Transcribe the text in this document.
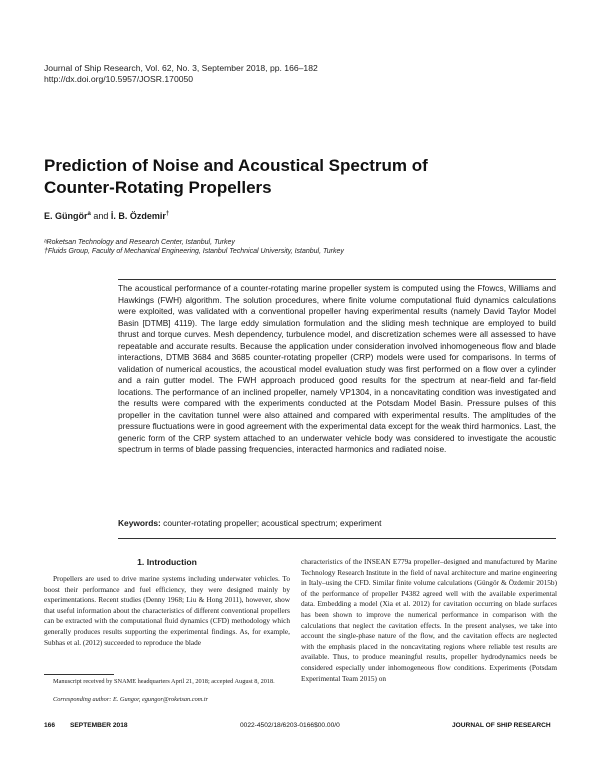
Journal of Ship Research, Vol. 62, No. 3, September 2018, pp. 166–182
http://dx.doi.org/10.5957/JOSR.170050
Prediction of Noise and Acoustical Spectrum of
Counter-Rotating Propellers
E. Güngör$^a$ and İ. B. Özdemir†
ᵃRoketsan Technology and Research Center, Istanbul, Turkey
†Fluids Group, Faculty of Mechanical Engineering, Istanbul Technical University, Istanbul, Turkey
The acoustical performance of a counter-rotating marine propeller system is computed using the Ffowcs, Williams and Hawkings (FWH) algorithm. The solution procedures, where finite volume computational fluid dynamics calculations were exploited, was validated with a conventional propeller having experimental results (namely David Taylor Model Basin [DTMB] 4119). The large eddy simulation formulation and the sliding mesh technique are employed to build thrust and torque curves. Mesh dependency, turbulence model, and discretization schemes were all assessed to have repeatable and accurate results. Because the application under consideration involved inhomogeneous flow and blade interactions, DTMB 3684 and 3685 counter-rotating propeller (CRP) models were used for comparisons. In terms of validation of numerical acoustics, the acoustical model evaluation study was first performed on a flow over a cylinder and a rain gutter model. The FWH approach produced good results for the spectrum at near-field and far-field locations. The performance of an inclined propeller, namely VP1304, in a noncavitating condition was investigated and the results were compared with the experiments conducted at the Potsdam Model Basin. Pressure pulses of this propeller in the cavitation tunnel were also attained and compared with experimental results. The amplitudes of the pressure fluctuations were in good agreement with the experimental data except for the weak third harmonics. Last, the generic form of the CRP system attached to an underwater vehicle body was considered to investigate the acoustic spectrum in terms of blade passing frequencies, interacted harmonics and radiated noise.
Keywords: counter-rotating propeller; acoustical spectrum; experiment
1. Introduction

Propellers are used to drive marine systems including underwater vehicles. To boost their performance and fuel efficiency, they were designed mainly by experimentations. Recent studies (Denny 1968; Liu & Hong 2011), however, show that useful information about the characteristics of different conventional propellers can be extracted with the computational fluid dynamics (CFD) methodology which generally produces results supporting the experimental findings. As, for example, Subhas et al. (2012) succeeded to reproduce the blade

characteristics of the INSEAN E779a propeller–designed and manufactured by Marine Technology Research Institute in the field of naval architecture and marine engineering in Italy–using the CFD. Similar finite volume calculations (Güngör & Özdemir 2015b) of the performance of propeller P4382 agreed well with the available experimental data. Embedding a model (Xia et al. 2012) for cavitation occurring on blade surfaces has been shown to improve the numerical performance in comparison with the calculations that neglect the cavitation effects. In the present analyses, we take into account the single-phase nature of the flow, and the cavitation effects are neglected with the emphasis placed in the noncavitating regions where reliable test results are available. Thus, to produce meaningful results, propeller hydrodynamics needs be considered especially under inhomogeneous flow conditions. Experiments (Potsdam Experimental Team 2015) on

Manuscript received by SNAME headquarters April 21, 2018; accepted August 8, 2018.
Corresponding author: E. Gungor, egungor@roketsan.com.tr
166 SEPTEMBER 2018	0022-4502/18/6203-0166$00.00/0	JOURNAL OF SHIP RESEARCH
